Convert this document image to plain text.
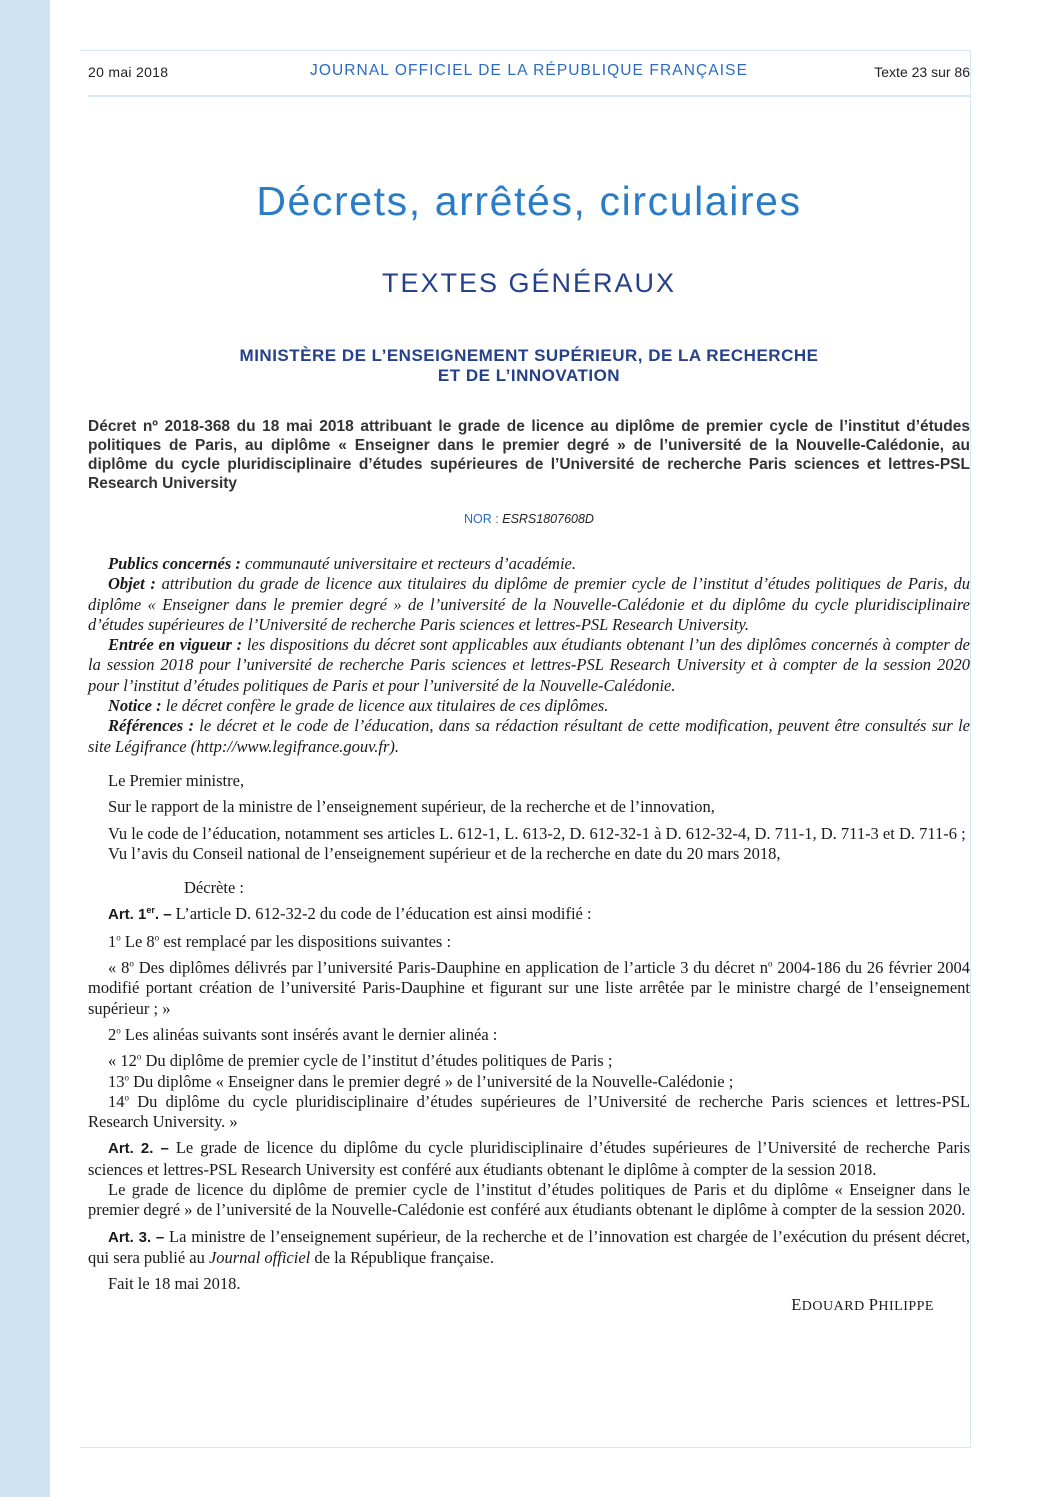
20 mai 2018	JOURNAL OFFICIEL DE LA RÉPUBLIQUE FRANÇAISE	Texte 23 sur 86
Décrets, arrêtés, circulaires
TEXTES GÉNÉRAUX
MINISTÈRE DE L’ENSEIGNEMENT SUPÉRIEUR, DE LA RECHERCHE
ET DE L’INNOVATION
Décret nº 2018-368 du 18 mai 2018 attribuant le grade de licence au diplôme de premier cycle de l’institut d’études politiques de Paris, au diplôme « Enseigner dans le premier degré » de l’université de la Nouvelle-Calédonie, au diplôme du cycle pluridisciplinaire d’études supérieures de l’Université de recherche Paris sciences et lettres-PSL Research University
NOR : ESRS1807608D

Publics concernés : communauté universitaire et recteurs d’académie.

Objet : attribution du grade de licence aux titulaires du diplôme de premier cycle de l’institut d’études politiques de Paris, du diplôme « Enseigner dans le premier degré » de l’université de la Nouvelle-Calédonie et du diplôme du cycle pluridisciplinaire d’études supérieures de l’Université de recherche Paris sciences et lettres-PSL Research University.

Entrée en vigueur : les dispositions du décret sont applicables aux étudiants obtenant l’un des diplômes concernés à compter de la session 2018 pour l’université de recherche Paris sciences et lettres-PSL Research University et à compter de la session 2020 pour l’institut d’études politiques de Paris et pour l’université de la Nouvelle-Calédonie.

Notice : le décret confère le grade de licence aux titulaires de ces diplômes.

Références : le décret et le code de l’éducation, dans sa rédaction résultant de cette modification, peuvent être consultés sur le site Légifrance (http://www.legifrance.gouv.fr).

Le Premier ministre,

Sur le rapport de la ministre de l’enseignement supérieur, de la recherche et de l’innovation,

Vu le code de l’éducation, notamment ses articles L. 612-1, L. 613-2, D. 612-32-1 à D. 612-32-4, D. 711-1, D. 711-3 et D. 711-6 ;

Vu l’avis du Conseil national de l’enseignement supérieur et de la recherche en date du 20 mars 2018,

Décrète :

Art. 1er. – L’article D. 612-32-2 du code de l’éducation est ainsi modifié :

1$^o$ Le 8$^o$ est remplacé par les dispositions suivantes :

« 8$^o$ Des diplômes délivrés par l’université Paris-Dauphine en application de l’article 3 du décret $n^o$ 2004-186 du 26 février 2004 modifié portant création de l’université Paris-Dauphine et figurant sur une liste arrêtée par le ministre chargé de l’enseignement supérieur ; »

2$^o$ Les alinéas suivants sont insérés avant le dernier alinéa :

« 12$^o$ Du diplôme de premier cycle de l’institut d’études politiques de Paris ;

13$^o$ Du diplôme « Enseigner dans le premier degré » de l’université de la Nouvelle-Calédonie ;

14$^o$ Du diplôme du cycle pluridisciplinaire d’études supérieures de l’Université de recherche Paris sciences et lettres-PSL Research University. »

Art. 2. – Le grade de licence du diplôme du cycle pluridisciplinaire d’études supérieures de l’Université de recherche Paris sciences et lettres-PSL Research University est conféré aux étudiants obtenant le diplôme à compter de la session 2018.

Le grade de licence du diplôme de premier cycle de l’institut d’études politiques de Paris et du diplôme « Enseigner dans le premier degré » de l’université de la Nouvelle-Calédonie est conféré aux étudiants obtenant le diplôme à compter de la session 2020.

Art. 3. – La ministre de l’enseignement supérieur, de la recherche et de l’innovation est chargée de l’exécution du présent décret, qui sera publié au Journal officiel de la République française.

Fait le 18 mai 2018.

EDOUARD PHILIPPE
